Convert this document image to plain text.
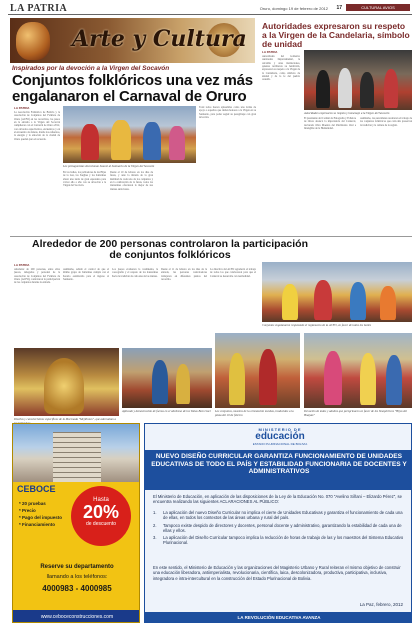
LA PATRIA	Oruro, domingo 19 de febrero de 2012 17	CULTURAL AVIOS
Arte y Cultura
Inspirados por la devoción a la Virgen del Socavón
Conjuntos folklóricos una vez más engalanaron el Carnaval de Oruro
LA PATRIA
La Asociación Folklórica de Bolivia y la Asociación de Conjuntos del Folklore de Oruro (ACFO) en los recorridos, los pasos en la entrada a la Virgen del Socavón cumplieron con el Carnaval de Oruro 2012, con elevados espectáculos, encuentros y en el encuentro de danzas, dónde los esfuerzos, la energía y la emoción de la ciudad de Oruro quedan para el recuerdo.
Los protagonistas devocionan Saucal al Santuario de la Virgen del Socavón
En los bailes, los pobladores de las Hijas de la Luz, los Sarghes y los bailarines abren una tarde de gran esperanza para volver año a año con su devoción a la Virgen del Socavón.
Desde el 10 de febrero en los días de fiesta, y ante la mirada de la gran multitud de cada uno de los conjuntos y en la celebración de la fiesta, todos los danzarines ofrecieron lo mejor de sus danzas autóctonas.
Total todos fueron aplaudidos como una forma de apoyo a aquellos que rinden honores a la Virgen en su Santuario, para poder seguir su peregrinaje con gran devoción.
Autoridades expresaron su respeto a la Virgen de la Candelaria, símbolo de unidad
LA PATRIA
Autoridades del Gobierno Autónomo Departamental, la Alcaldía y otras instituciones, quienes recibieron su bendición, expresaron su respeto a la Virgen de la Candelaria, como símbolo de unidad y de la fe del pueblo orureño.
Autoridades expresaron su respeto y homenaje a la Virgen del Socavón
El presidente del Comité de Etnografía y Folklore de Oruro destacó la importancia del Carnaval, declarado Obra Maestra del Patrimonio Oral e Intangible de la Humanidad.
Asimismo, las autoridades resaltaron el trabajo de los conjuntos folklóricos que cada año preservan la tradición y la cultura de la región.
Alrededor de 200 personas controlaron la participación de conjuntos folklóricos
LA PATRIA
Alrededor de 200 personas, entre ellos jueces, delegados y personal de la Asociación de Conjuntos del Folklore de Oruro (ACFO), controlaron la participación de los conjuntos durante la entrada.
Asimismo, señaló el control de que el último grupo de bailarines cumpla con el horario establecido para el ingreso al Santuario.
Los jueces evaluaron la vestimenta, la coreografía y el respeto de los danzarines hacia la tradición de cada una de las danzas.
Desde el 11 de febrero en los días de la entrada, las personas controladoras trabajaron en diferentes puntos del recorrido.
La directiva del ACFO agradeció el trabajo de todos los que colaboraron para que el Carnaval se desarrolle con normalidad.
Conjuntos engalanaron respetando el reglamento de la ACFO, en favor de todos los bailes
Diseños y características específicas de la Morenada "Mejillones", que adornaban a
Aplicado y demostración de fuerza en el atletismo de los Tobas Benn Soel	Los conjuntos, muestra de la orientación mestiza, traducidos a la plaza del 10 de febrero
Devoción de todos y adultos que peregrinaron en favor de los Sinopórticos "Hijos del Huajate"
CEBOCE
Hasta
20%
de descuento
* 20 pruebas
* Precio
* Pago del impuesto
* Financiamiento
Reserve su departamento
llamando a los teléfonos:
4000983 - 4000985
www.ceboceconstrucciones.com
MINISTERIO DE
educación
ESTADO PLURINACIONAL DE BOLIVIA
NUEVO DISEÑO CURRICULAR GARANTIZA FUNCIONAMIENTO DE UNIDADES EDUCATIVAS DE TODO EL PAÍS Y ESTABILIDAD FUNCIONARIA DE DOCENTES Y ADMINISTRATIVOS
El Ministerio de Educación, en aplicación de las disposiciones de la Ley de la Educación No. 070 "Avelino Siñani – Elizardo Pérez", se encuentra realizando las siguientes ACLARACIONES AL PÚBLICO:
1.	La aplicación del nuevo Diseño Curricular no implica el cierre de Unidades Educativas y garantiza el funcionamiento de cada una de ellas, en todos los contextos de las áreas urbana y rural del país.
2.	Tampoco existe despido de directores y docentes, personal docente y administrativo, garantizando la estabilidad de cada una de ellas y ellos.
3.	La aplicación del Diseño Curricular tampoco implica la reducción de horas de trabajo de las y los maestros del Sistema Educativo Plurinacional.
En este sentido, el Ministerio de Educación y las organizaciones del Magisterio Urbano y Rural reiteran el mismo objetivo de construir una educación liberadora, antiimperialista, revolucionaria, científica, laica, descolonizadora, productiva, participativa, inclusiva, integradora e intra-intercultural en la construcción del Estado Plurinacional de Bolivia.
La Paz, febrero, 2012
LA REVOLUCIÓN EDUCATIVA AVANZA
